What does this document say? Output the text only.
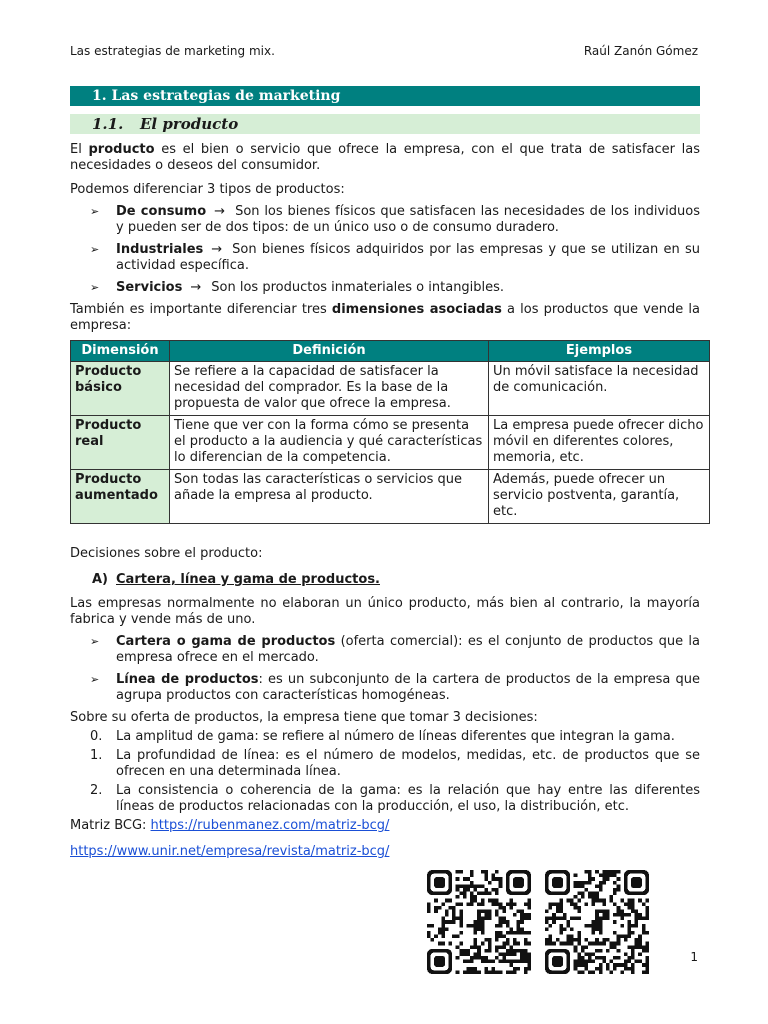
Las estrategias de marketing mix.	Raúl Zanón Gómez
1. Las estrategias de marketing
1.1. El producto

El producto es el bien o servicio que ofrece la empresa, con el que trata de satisfacer las necesidades o deseos del consumidor.

Podemos diferenciar 3 tipos de productos:

➢ De consumo → Son los bienes físicos que satisfacen las necesidades de los individuos y pueden ser de dos tipos: de un único uso o de consumo duradero.
➢ Industriales → Son bienes físicos adquiridos por las empresas y que se utilizan en su actividad específica.
➢ Servicios → Son los productos inmateriales o intangibles.

También es importante diferenciar tres dimensiones asociadas a los productos que vende la empresa:

Dimensión	Definición	Ejemplos
Producto básico	Se refiere a la capacidad de satisfacer la necesidad del comprador. Es la base de la propuesta de valor que ofrece la empresa.	Un móvil satisface la necesidad de comunicación.
Producto real	Tiene que ver con la forma cómo se presenta el producto a la audiencia y qué características lo diferencian de la competencia.	La empresa puede ofrecer dicho móvil en diferentes colores, memoria, etc.
Producto aumentado	Son todas las características o servicios que añade la empresa al producto.	Además, puede ofrecer un servicio postventa, garantía, etc.

Decisiones sobre el producto:

A) Cartera, línea y gama de productos.

Las empresas normalmente no elaboran un único producto, más bien al contrario, la mayoría fabrica y vende más de uno.

➢ Cartera o gama de productos (oferta comercial): es el conjunto de productos que la empresa ofrece en el mercado.
➢ Línea de productos: es un subconjunto de la cartera de productos de la empresa que agrupa productos con características homogéneas.

Sobre su oferta de productos, la empresa tiene que tomar 3 decisiones:

0. La amplitud de gama: se refiere al número de líneas diferentes que integran la gama.
1. La profundidad de línea: es el número de modelos, medidas, etc. de productos que se ofrecen en una determinada línea.
2. La consistencia o coherencia de la gama: es la relación que hay entre las diferentes líneas de productos relacionadas con la producción, el uso, la distribución, etc.

Matriz BCG: https://rubenmanez.com/matriz-bcg/

https://www.unir.net/empresa/revista/matriz-bcg/

1
